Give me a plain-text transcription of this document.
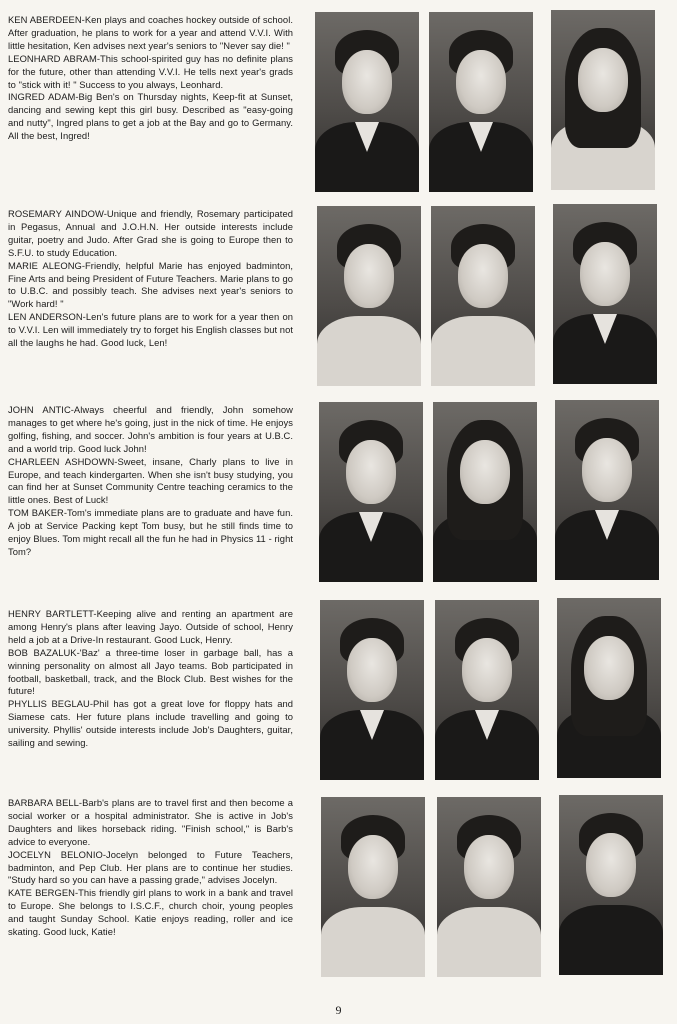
KEN ABERDEEN-Ken plays and coaches hockey outside of school. After graduation, he plans to work for a year and attend V.V.I. With little hesitation, Ken advises next year's seniors to "Never say die! "

LEONHARD ABRAM-This school-spirited guy has no definite plans for the future, other than attending V.V.I. He tells next year's grads to "stick with it! " Success to you always, Leonhard.

INGRED ADAM-Big Ben's on Thursday nights, Keep-fit at Sunset, dancing and sewing kept this girl busy. Described as "easy-going and nutty", Ingred plans to get a job at the Bay and go to Germany. All the best, Ingred!

ROSEMARY AINDOW-Unique and friendly, Rosemary participated in Pegasus, Annual and J.O.H.N. Her outside interests include guitar, poetry and Judo. After Grad she is going to Europe then to S.F.U. to study Education.

MARIE ALEONG-Friendly, helpful Marie has enjoyed badminton, Fine Arts and being President of Future Teachers. Marie plans to go to U.B.C. and possibly teach. She advises next year's seniors to "Work hard! "

LEN ANDERSON-Len's future plans are to work for a year then on to V.V.I. Len will immediately try to forget his English classes but not all the laughs he had. Good luck, Len!

JOHN ANTIC-Always cheerful and friendly, John somehow manages to get where he's going, just in the nick of time. He enjoys golfing, fishing, and soccer. John's ambition is four years at U.B.C. and a world trip. Good luck John!

CHARLEEN ASHDOWN-Sweet, insane, Charly plans to live in Europe, and teach kindergarten. When she isn't busy studying, you can find her at Sunset Community Centre teaching ceramics to the little ones. Best of Luck!

TOM BAKER-Tom's immediate plans are to graduate and have fun. A job at Service Packing kept Tom busy, but he still finds time to enjoy Blues. Tom might recall all the fun he had in Physics 11 - right Tom?

HENRY BARTLETT-Keeping alive and renting an apartment are among Henry's plans after leaving Jayo. Outside of school, Henry held a job at a Drive-In restaurant. Good Luck, Henry.

BOB BAZALUK-'Baz' a three-time loser in garbage ball, has a winning personality on almost all Jayo teams. Bob participated in football, basketball, track, and the Block Club. Best wishes for the future!

PHYLLIS BEGLAU-Phil has got a great love for floppy hats and Siamese cats. Her future plans include travelling and going to university. Phyllis' outside interests include Job's Daughters, guitar, sailing and sewing.

BARBARA BELL-Barb's plans are to travel first and then become a social worker or a hospital administrator. She is active in Job's Daughters and likes horseback riding. "Finish school," is Barb's advice to everyone.

JOCELYN BELONIO-Jocelyn belonged to Future Teachers, badminton, and Pep Club. Her plans are to continue her studies. "Study hard so you can have a passing grade," advises Jocelyn.

KATE BERGEN-This friendly girl plans to work in a bank and travel to Europe. She belongs to I.S.C.F., church choir, young peoples and taught Sunday School. Katie enjoys reading, roller and ice skating. Good luck, Katie!

9
